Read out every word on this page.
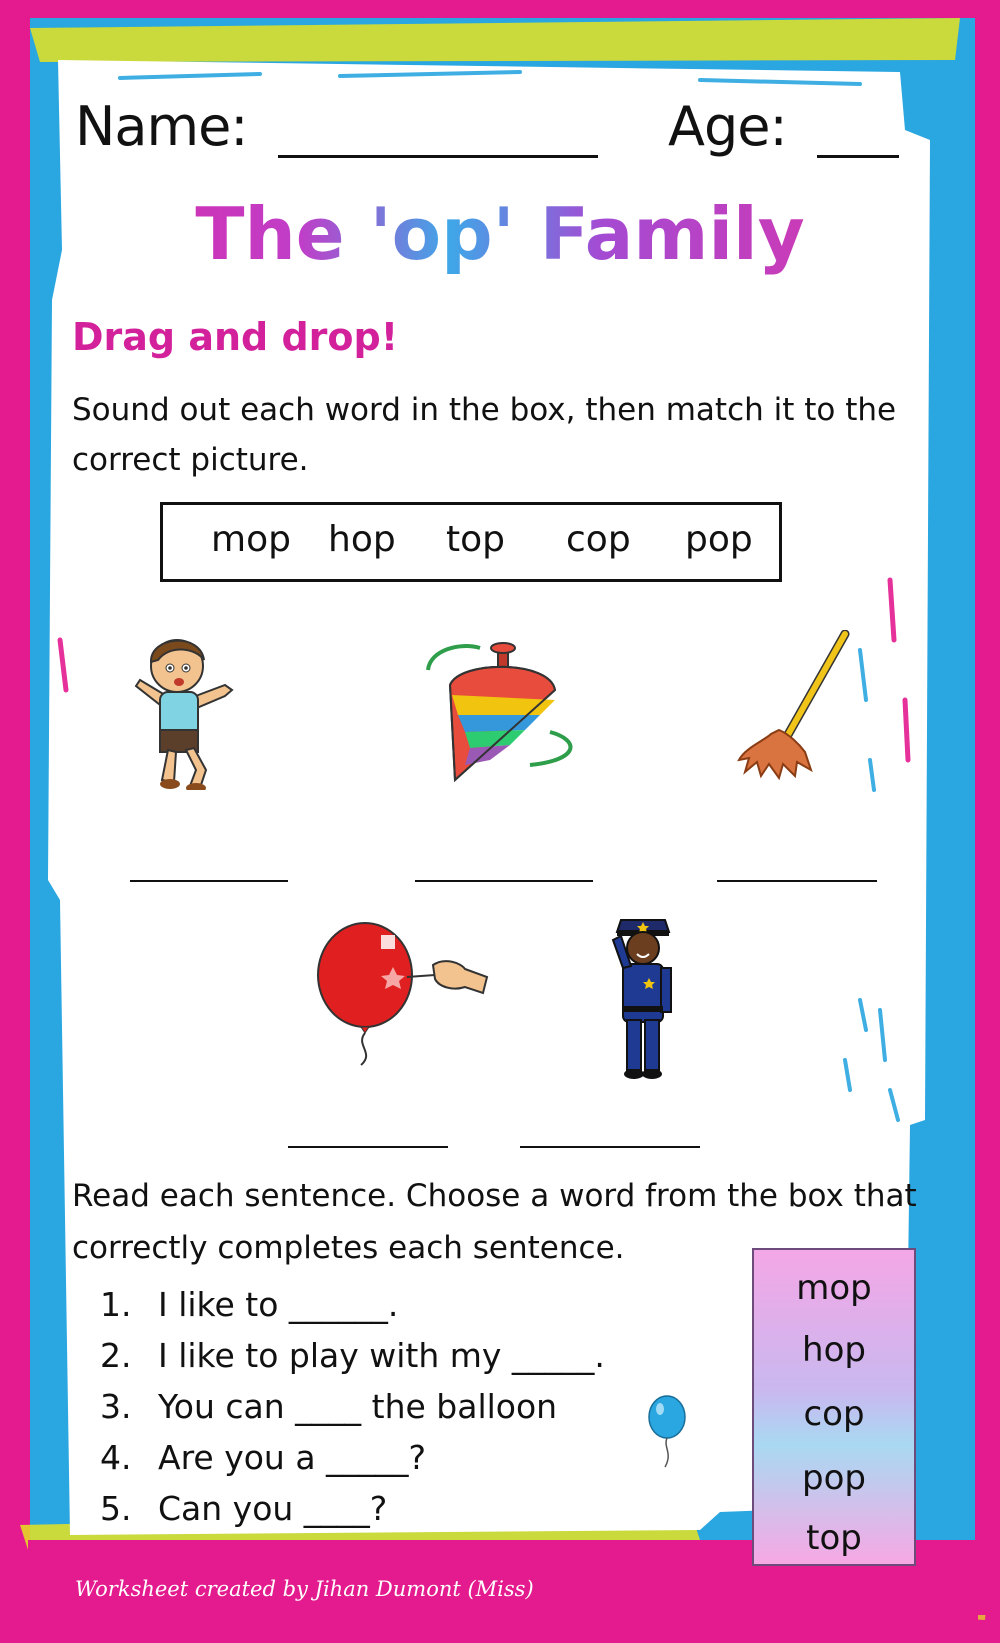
Name:	Age:
The 'op' Family
Drag and drop!
Sound out each word in the box, then match it to the correct picture.
mop hop top cop pop
Read each sentence. Choose a word from the box that correctly completes each sentence.
1. I like to ______.
2. I like to play with my _____.
3. You can ____ the balloon
4. Are you a _____?
5. Can you ____?
mop
hop
cop
pop
top
Worksheet created by Jihan Dumont (Miss)
